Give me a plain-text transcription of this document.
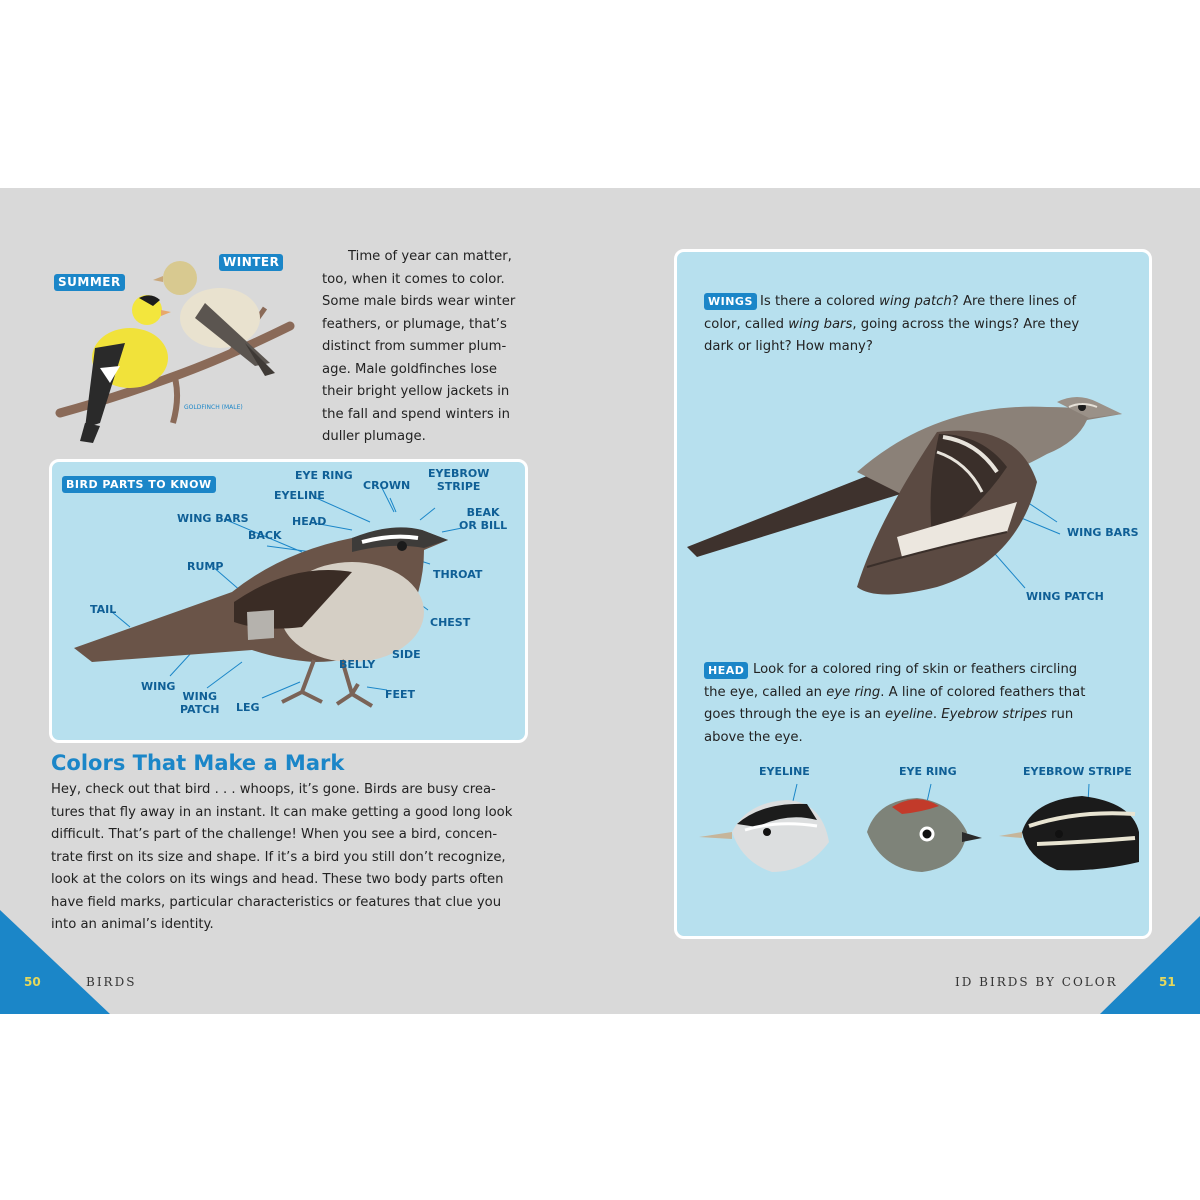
SUMMER
WINTER
GOLDFINCH (MALE)
Time of year can matter,
too, when it comes to color.
Some male birds wear winter
feathers, or plumage, that’s
distinct from summer plum-
age. Male goldfinches lose
their bright yellow jackets in
the fall and spend winters in
duller plumage.
BIRD PARTS TO KNOW
EYE RING
CROWN
EYEBROW
STRIPE
EYELINE
WING BARS	HEAD
BEAK
OR BILL
BACK
RUMP
THROAT
TAIL
CHEST
SIDE
BELLY
WING
WING
PATCH LEG
FEET
Colors That Make a Mark
Hey, check out that bird . . . whoops, it’s gone. Birds are busy crea-
tures that fly away in an instant. It can make getting a good long look
difficult. That’s part of the challenge! When you see a bird, concen-
trate first on its size and shape. If it’s a bird you still don’t recognize,
look at the colors on its wings and head. These two body parts often
have field marks, particular characteristics or features that clue you
into an animal’s identity.
50	BIRDS
WINGS Is there a colored wing patch? Are there lines of
color, called wing bars, going across the wings? Are they
dark or light? How many?
WING BARS
WING PATCH
HEAD Look for a colored ring of skin or feathers circling
the eye, called an eye ring. A line of colored feathers that
goes through the eye is an eyeline. Eyebrow stripes run
above the eye.
EYELINE	EYE RING	EYEBROW STRIPE
ID BIRDS BY COLOR	51
